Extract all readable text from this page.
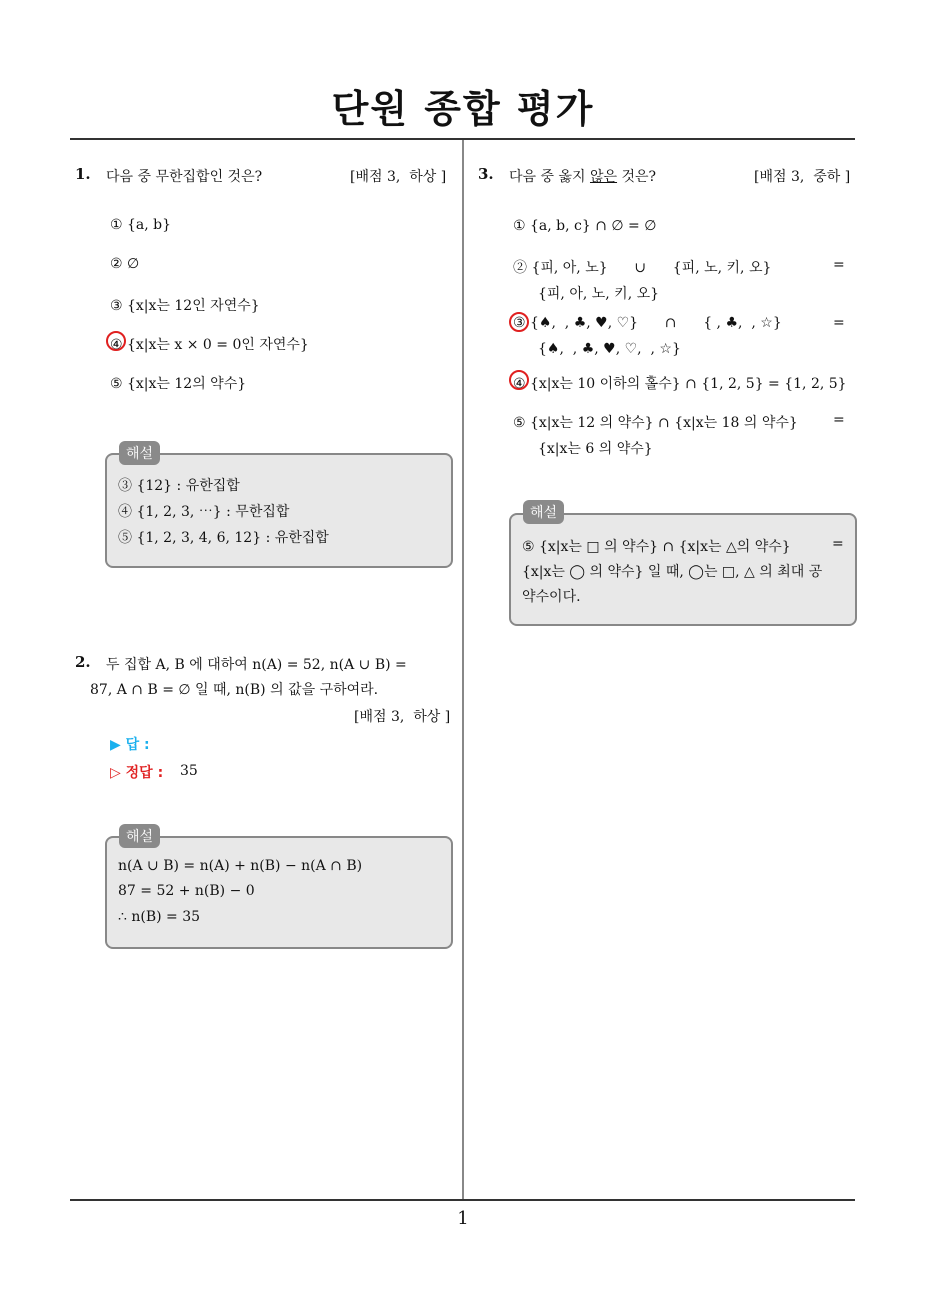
단원 종합 평가
1. 다음 중 무한집합인 것은?	[배점 3,  하상 ]
① {a, b}
② ∅
③ {x|x는 12인 자연수}
④ {x|x는 x × 0 = 0인 자연수}
⑤ {x|x는 12의 약수}
해설
③ {12} : 유한집합
④ {1, 2, 3, ⋯} : 무한집합
⑤ {1, 2, 3, 4, 6, 12} : 유한집합
2. 두 집합 A, B 에 대하여 n(A) = 52, n(A ∪ B) =
87, A ∩ B = ∅ 일 때, n(B) 의 값을 구하여라.
[배점 3,  하상 ]
▶ 답 :
▷ 정답 : 35
해설
n(A ∪ B) = n(A) + n(B) − n(A ∩ B)
87 = 52 + n(B) − 0
∴ n(B) = 35
3. 다음 중 옳지 않은 것은?	[배점 3,  중하 ]
① {a, b, c} ∩ ∅ = ∅
② {피, 아, 노}      ∪      {피, 노, 키, 오}	=
{피, 아, 노, 키, 오}
③ {♠,  , ♣, ♥, ♡}      ∩      { , ♣,  , ☆}	=
{♠,  , ♣, ♥, ♡,  , ☆}
④ {x|x는 10 이하의 홀수} ∩ {1, 2, 5} = {1, 2, 5}
⑤ {x|x는 12 의 약수} ∩ {x|x는 18 의 약수}	=
{x|x는 6 의 약수}
해설
⑤ {x|x는 □ 의 약수} ∩ {x|x는 △의 약수}	=
{x|x는 ◯ 의 약수} 일 때, ◯는 □, △ 의 최대 공
약수이다.
1
